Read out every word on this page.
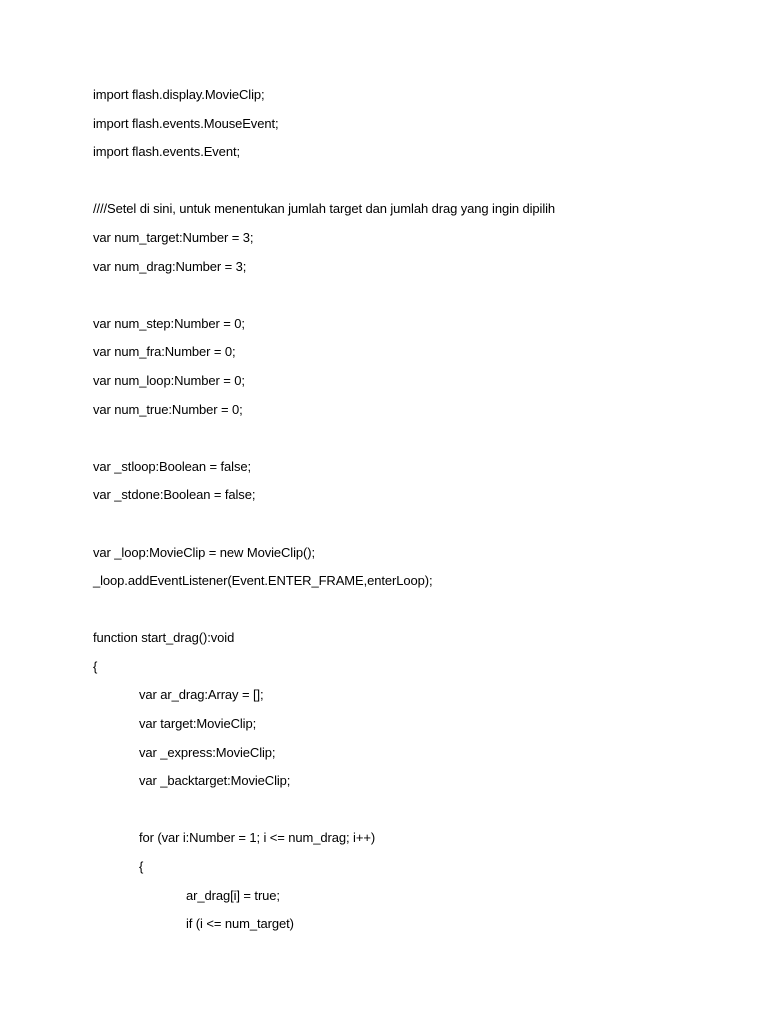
import flash.display.MovieClip;
import flash.events.MouseEvent;
import flash.events.Event;
////Setel di sini, untuk menentukan jumlah target dan jumlah drag yang ingin dipilih
var num_target:Number = 3;
var num_drag:Number = 3;
var num_step:Number = 0;
var num_fra:Number = 0;
var num_loop:Number = 0;
var num_true:Number = 0;
var _stloop:Boolean = false;
var _stdone:Boolean = false;
var _loop:MovieClip = new MovieClip();
_loop.addEventListener(Event.ENTER_FRAME,enterLoop);
function start_drag():void
{
var ar_drag:Array = [];
var target:MovieClip;
var _express:MovieClip;
var _backtarget:MovieClip;
for (var i:Number = 1; i <= num_drag; i++)
{
ar_drag[i] = true;
if (i <= num_target)
